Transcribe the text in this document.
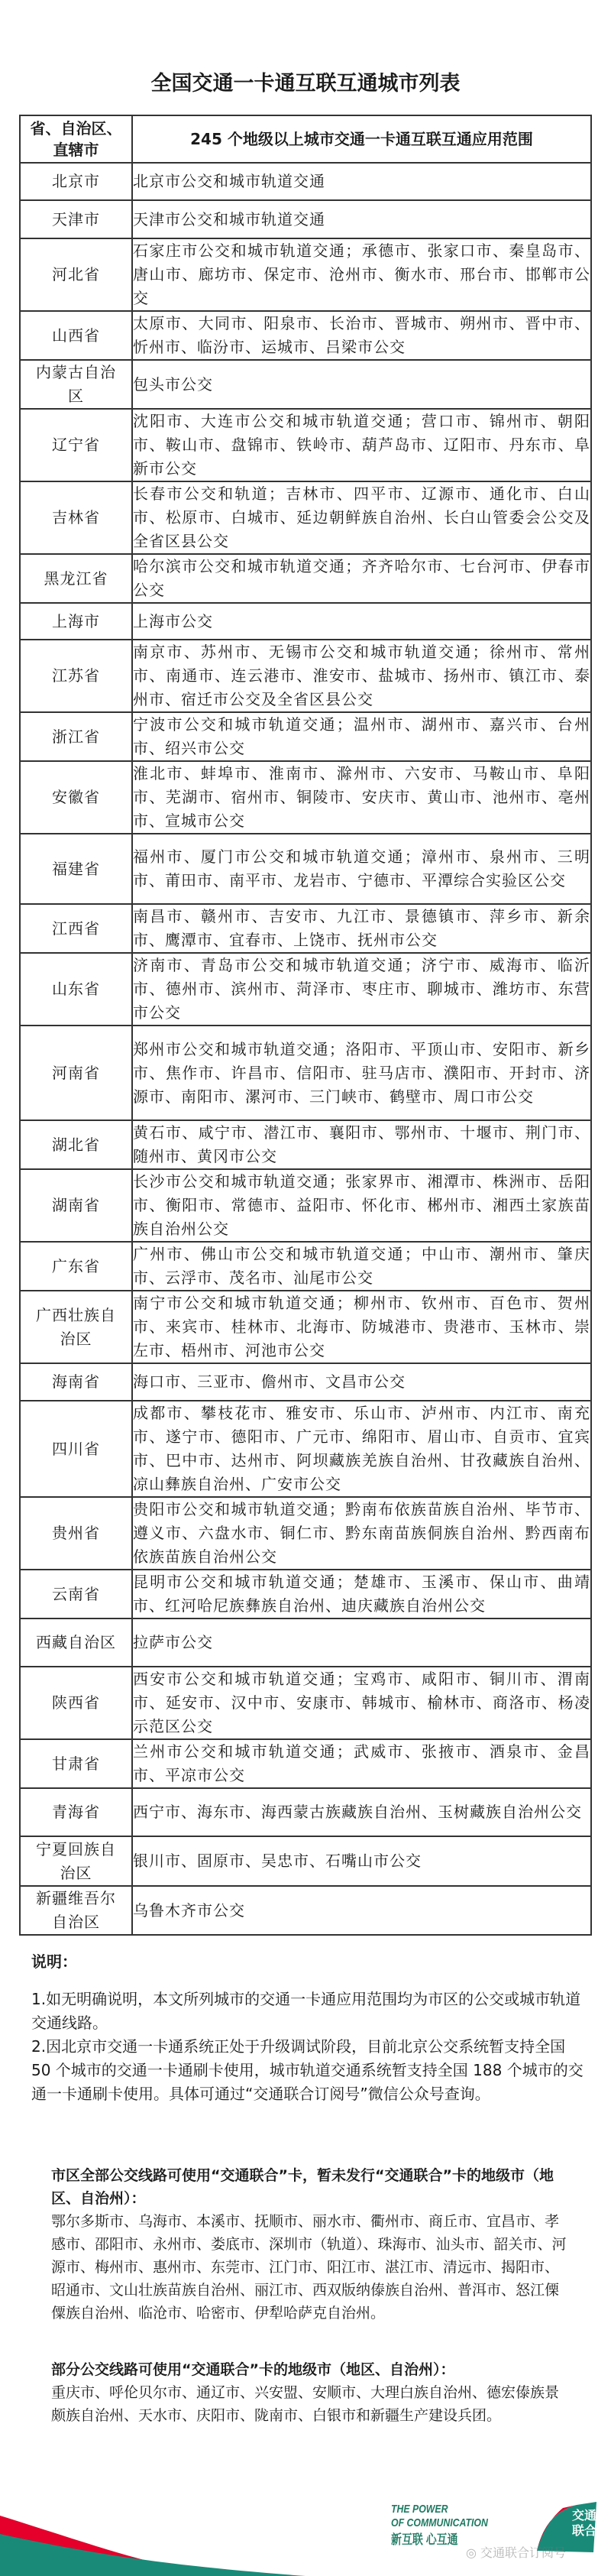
全国交通一卡通互联互通城市列表
省、自治区、直辖市	245 个地级以上城市交通一卡通互联互通应用范围
北京市	北京市公交和城市轨道交通
天津市	天津市公交和城市轨道交通
河北省	石家庄市公交和城市轨道交通；承德市、张家口市、秦皇岛市、唐山市、廊坊市、保定市、沧州市、衡水市、邢台市、邯郸市公交
山西省	太原市、大同市、阳泉市、长治市、晋城市、朔州市、晋中市、忻州市、临汾市、运城市、吕梁市公交
内蒙古自治区	包头市公交
辽宁省	沈阳市、大连市公交和城市轨道交通；营口市、锦州市、朝阳市、鞍山市、盘锦市、铁岭市、葫芦岛市、辽阳市、丹东市、阜新市公交
吉林省	长春市公交和轨道；吉林市、四平市、辽源市、通化市、白山市、松原市、白城市、延边朝鲜族自治州、长白山管委会公交及全省区县公交
黑龙江省	哈尔滨市公交和城市轨道交通；齐齐哈尔市、七台河市、伊春市公交
上海市	上海市公交
江苏省	南京市、苏州市、无锡市公交和城市轨道交通；徐州市、常州市、南通市、连云港市、淮安市、盐城市、扬州市、镇江市、泰州市、宿迁市公交及全省区县公交
浙江省	宁波市公交和城市轨道交通；温州市、湖州市、嘉兴市、台州市、绍兴市公交
安徽省	淮北市、蚌埠市、淮南市、滁州市、六安市、马鞍山市、阜阳市、芜湖市、宿州市、铜陵市、安庆市、黄山市、池州市、亳州市、宣城市公交
福建省	福州市、厦门市公交和城市轨道交通；漳州市、泉州市、三明市、莆田市、南平市、龙岩市、宁德市、平潭综合实验区公交
江西省	南昌市、赣州市、吉安市、九江市、景德镇市、萍乡市、新余市、鹰潭市、宜春市、上饶市、抚州市公交
山东省	济南市、青岛市公交和城市轨道交通；济宁市、威海市、临沂市、德州市、滨州市、菏泽市、枣庄市、聊城市、潍坊市、东营市公交
河南省	郑州市公交和城市轨道交通；洛阳市、平顶山市、安阳市、新乡市、焦作市、许昌市、信阳市、驻马店市、濮阳市、开封市、济源市、南阳市、漯河市、三门峡市、鹤壁市、周口市公交
湖北省	黄石市、咸宁市、潜江市、襄阳市、鄂州市、十堰市、荆门市、随州市、黄冈市公交
湖南省	长沙市公交和城市轨道交通；张家界市、湘潭市、株洲市、岳阳市、衡阳市、常德市、益阳市、怀化市、郴州市、湘西土家族苗族自治州公交
广东省	广州市、佛山市公交和城市轨道交通；中山市、潮州市、肇庆市、云浮市、茂名市、汕尾市公交
广西壮族自治区	南宁市公交和城市轨道交通；柳州市、钦州市、百色市、贺州市、来宾市、桂林市、北海市、防城港市、贵港市、玉林市、崇左市、梧州市、河池市公交
海南省	海口市、三亚市、儋州市、文昌市公交
四川省	成都市、攀枝花市、雅安市、乐山市、泸州市、内江市、南充市、遂宁市、德阳市、广元市、绵阳市、眉山市、自贡市、宜宾市、巴中市、达州市、阿坝藏族羌族自治州、甘孜藏族自治州、凉山彝族自治州、广安市公交
贵州省	贵阳市公交和城市轨道交通；黔南布依族苗族自治州、毕节市、遵义市、六盘水市、铜仁市、黔东南苗族侗族自治州、黔西南布依族苗族自治州公交
云南省	昆明市公交和城市轨道交通；楚雄市、玉溪市、保山市、曲靖市、红河哈尼族彝族自治州、迪庆藏族自治州公交
西藏自治区	拉萨市公交
陕西省	西安市公交和城市轨道交通；宝鸡市、咸阳市、铜川市、渭南市、延安市、汉中市、安康市、韩城市、榆林市、商洛市、杨凌示范区公交
甘肃省	兰州市公交和城市轨道交通；武威市、张掖市、酒泉市、金昌市、平凉市公交
青海省	西宁市、海东市、海西蒙古族藏族自治州、玉树藏族自治州公交
宁夏回族自治区	银川市、固原市、吴忠市、石嘴山市公交
新疆维吾尔自治区	乌鲁木齐市公交
说明：

1.如无明确说明，本文所列城市的交通一卡通应用范围均为市区的公交或城市轨道交通线路。

2.因北京市交通一卡通系统正处于升级调试阶段，目前北京公交系统暂支持全国 50 个城市的交通一卡通刷卡使用，城市轨道交通系统暂支持全国 188 个城市的交通一卡通刷卡使用。具体可通过“交通联合订阅号”微信公众号查询。

市区全部公交线路可使用“交通联合”卡，暂未发行“交通联合”卡的地级市（地区、自治州）：

鄂尔多斯市、乌海市、本溪市、抚顺市、丽水市、衢州市、商丘市、宜昌市、孝感市、邵阳市、永州市、娄底市、深圳市（轨道）、珠海市、汕头市、韶关市、河源市、梅州市、惠州市、东莞市、江门市、阳江市、湛江市、清远市、揭阳市、昭通市、文山壮族苗族自治州、丽江市、西双版纳傣族自治州、普洱市、怒江傈僳族自治州、临沧市、哈密市、伊犁哈萨克自治州。

部分公交线路可使用“交通联合”卡的地级市（地区、自治州）：

重庆市、呼伦贝尔市、通辽市、兴安盟、安顺市、大理白族自治州、德宏傣族景颇族自治州、天水市、庆阳市、陇南市、白银市和新疆生产建设兵团。

THE POWER
OF COMMUNICATION
新互联 心互通
交通
联合
◎ 交通联合订阅号
